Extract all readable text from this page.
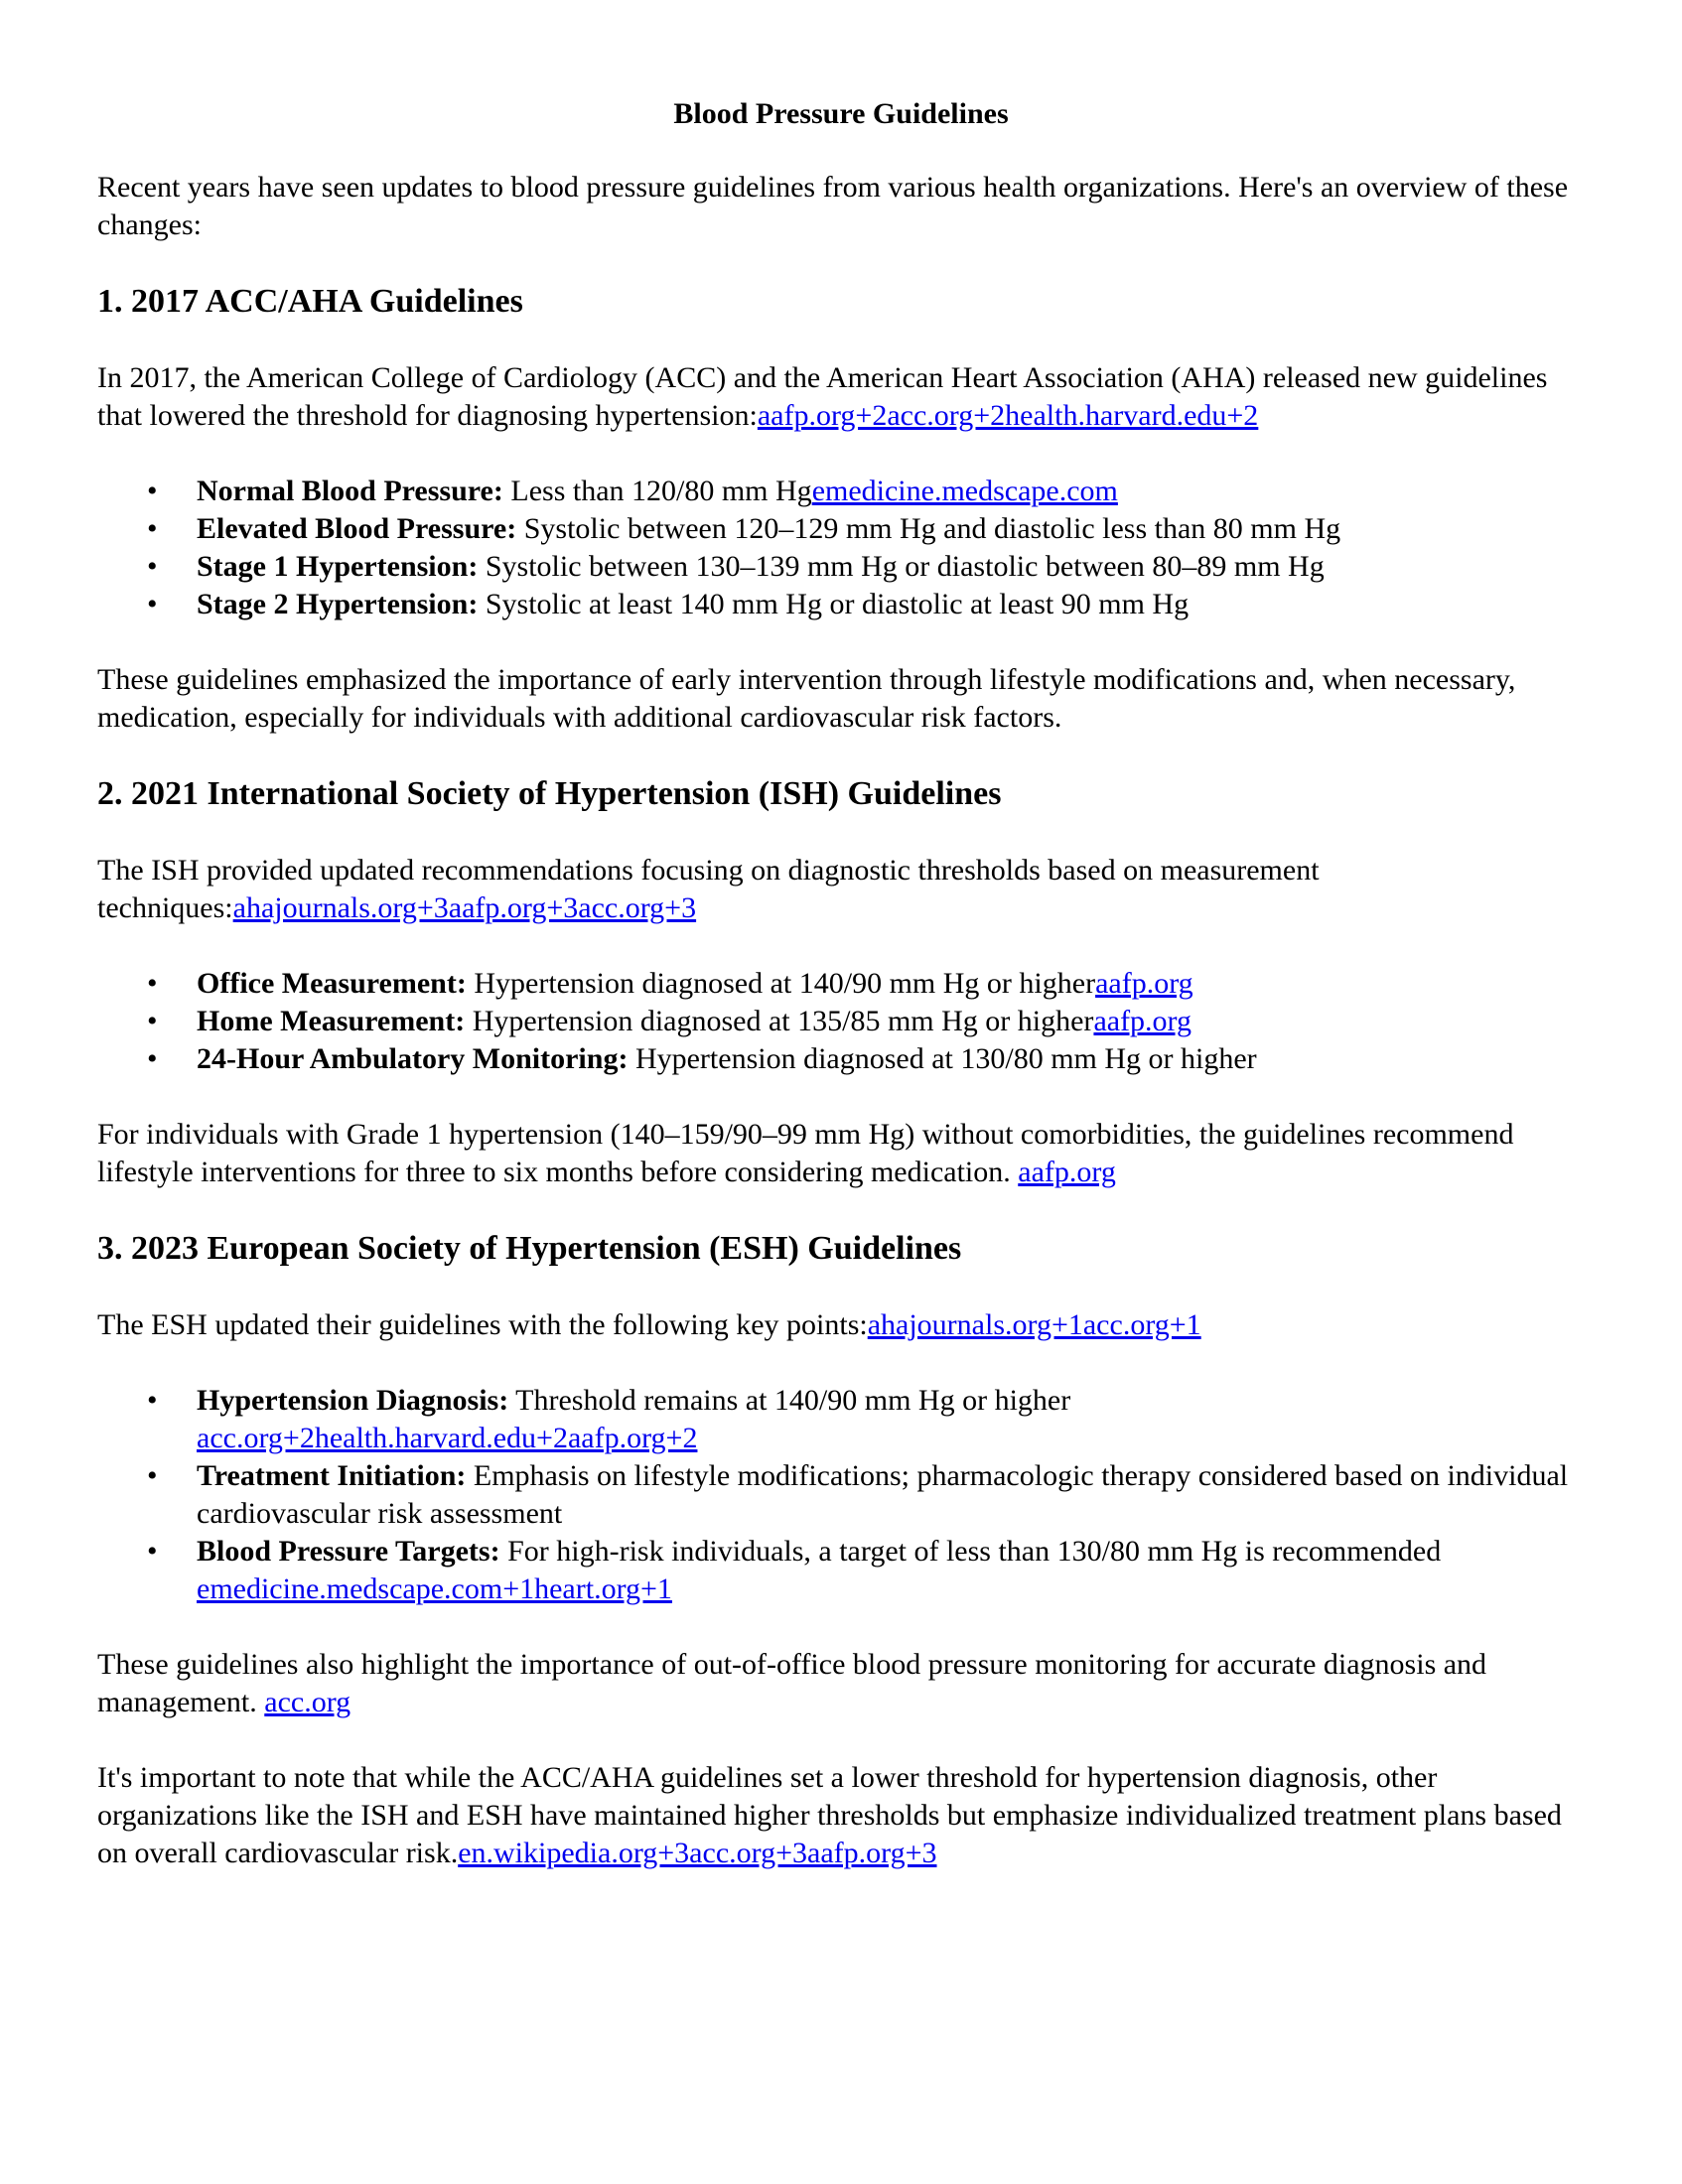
Blood Pressure Guidelines

Recent years have seen updates to blood pressure guidelines from various health organizations. Here's an overview of these changes:

1. 2017 ACC/AHA Guidelines

In 2017, the American College of Cardiology (ACC) and the American Heart Association (AHA) released new guidelines that lowered the threshold for diagnosing hypertension:aafp.org+2acc.org+2health.harvard.edu+2

• Normal Blood Pressure: Less than 120/80 mm Hgemedicine.medscape.com
• Elevated Blood Pressure: Systolic between 120–129 mm Hg and diastolic less than 80 mm Hg
• Stage 1 Hypertension: Systolic between 130–139 mm Hg or diastolic between 80–89 mm Hg
• Stage 2 Hypertension: Systolic at least 140 mm Hg or diastolic at least 90 mm Hg

These guidelines emphasized the importance of early intervention through lifestyle modifications and, when necessary, medication, especially for individuals with additional cardiovascular risk factors.

2. 2021 International Society of Hypertension (ISH) Guidelines

The ISH provided updated recommendations focusing on diagnostic thresholds based on measurement techniques:ahajournals.org+3aafp.org+3acc.org+3

• Office Measurement: Hypertension diagnosed at 140/90 mm Hg or higheraafp.org
• Home Measurement: Hypertension diagnosed at 135/85 mm Hg or higheraafp.org
• 24-Hour Ambulatory Monitoring: Hypertension diagnosed at 130/80 mm Hg or higher

For individuals with Grade 1 hypertension (140–159/90–99 mm Hg) without comorbidities, the guidelines recommend lifestyle interventions for three to six months before considering medication. aafp.org

3. 2023 European Society of Hypertension (ESH) Guidelines

The ESH updated their guidelines with the following key points:ahajournals.org+1acc.org+1

• Hypertension Diagnosis: Threshold remains at 140/90 mm Hg or higher
acc.org+2health.harvard.edu+2aafp.org+2
• Treatment Initiation: Emphasis on lifestyle modifications; pharmacologic therapy considered based on individual cardiovascular risk assessment
• Blood Pressure Targets: For high-risk individuals, a target of less than 130/80 mm Hg is recommended
emedicine.medscape.com+1heart.org+1

These guidelines also highlight the importance of out-of-office blood pressure monitoring for accurate diagnosis and management. acc.org

It's important to note that while the ACC/AHA guidelines set a lower threshold for hypertension diagnosis, other organizations like the ISH and ESH have maintained higher thresholds but emphasize individualized treatment plans based on overall cardiovascular risk.en.wikipedia.org+3acc.org+3aafp.org+3
